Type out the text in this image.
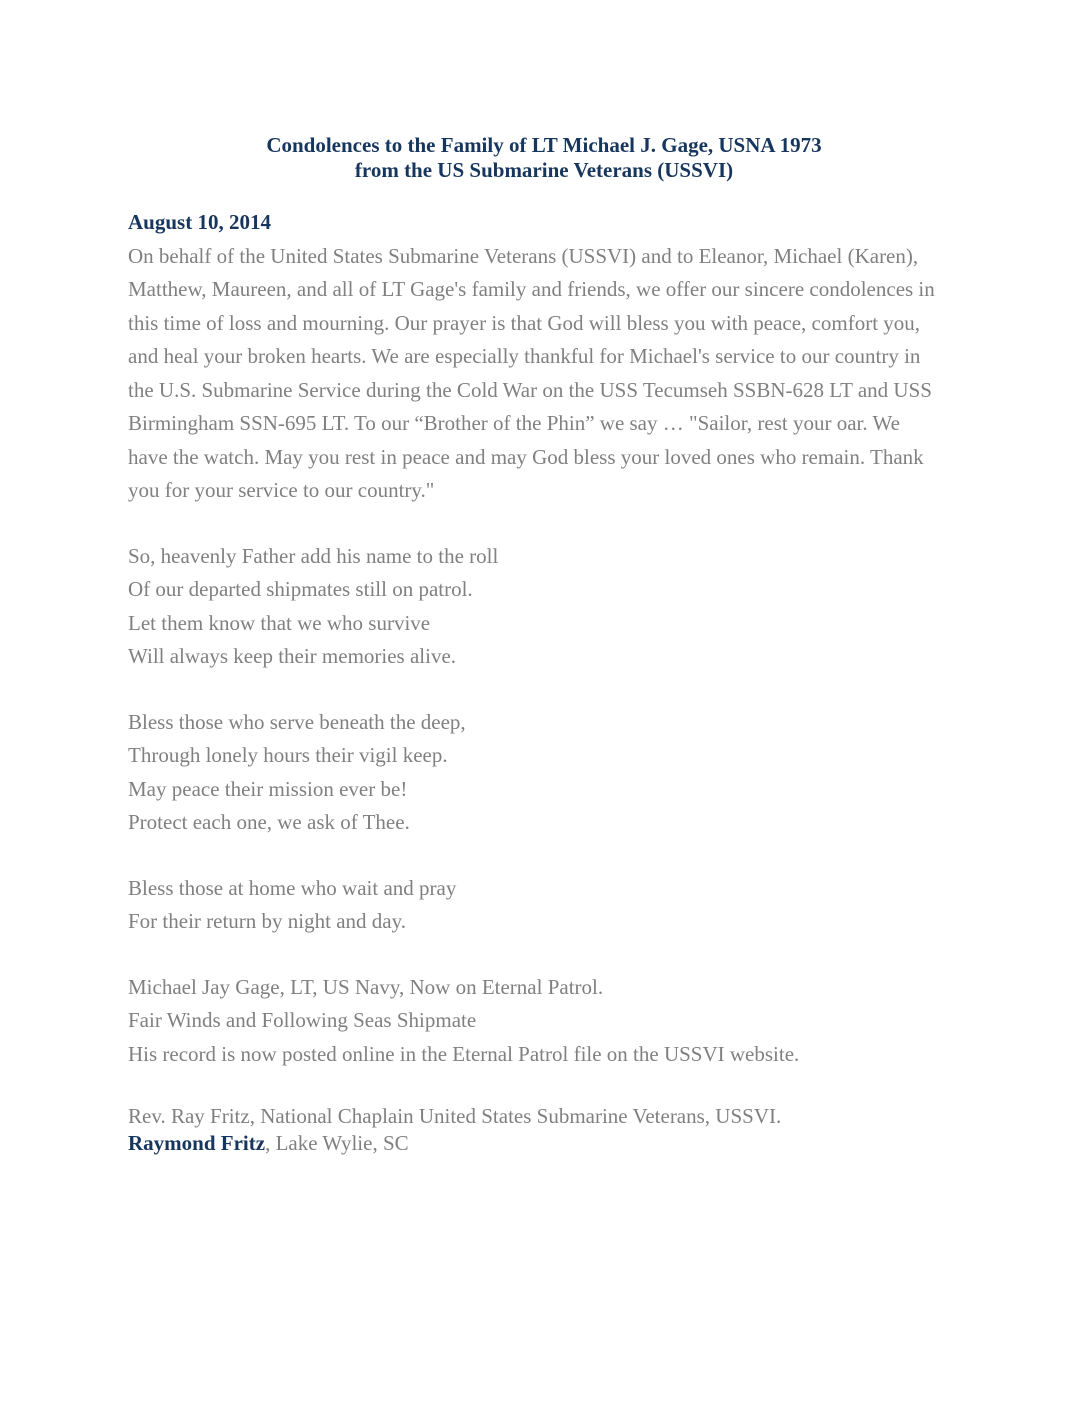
Condolences to the Family of LT Michael J. Gage, USNA 1973
from the US Submarine Veterans (USSVI)
August 10, 2014
On behalf of the United States Submarine Veterans (USSVI) and to Eleanor, Michael (Karen),
Matthew, Maureen, and all of LT Gage's family and friends, we offer our sincere condolences in
this time of loss and mourning. Our prayer is that God will bless you with peace, comfort you,
and heal your broken hearts. We are especially thankful for Michael's service to our country in
the U.S. Submarine Service during the Cold War on the USS Tecumseh SSBN-628 LT and USS
Birmingham SSN-695 LT. To our “Brother of the Phin” we say … "Sailor, rest your oar. We
have the watch. May you rest in peace and may God bless your loved ones who remain. Thank
you for your service to our country."
So, heavenly Father add his name to the roll
Of our departed shipmates still on patrol.
Let them know that we who survive
Will always keep their memories alive.
Bless those who serve beneath the deep,
Through lonely hours their vigil keep.
May peace their mission ever be!
Protect each one, we ask of Thee.
Bless those at home who wait and pray
For their return by night and day.
Michael Jay Gage, LT, US Navy, Now on Eternal Patrol.
Fair Winds and Following Seas Shipmate
His record is now posted online in the Eternal Patrol file on the USSVI website.
Rev. Ray Fritz, National Chaplain United States Submarine Veterans, USSVI.
Raymond Fritz, Lake Wylie, SC
